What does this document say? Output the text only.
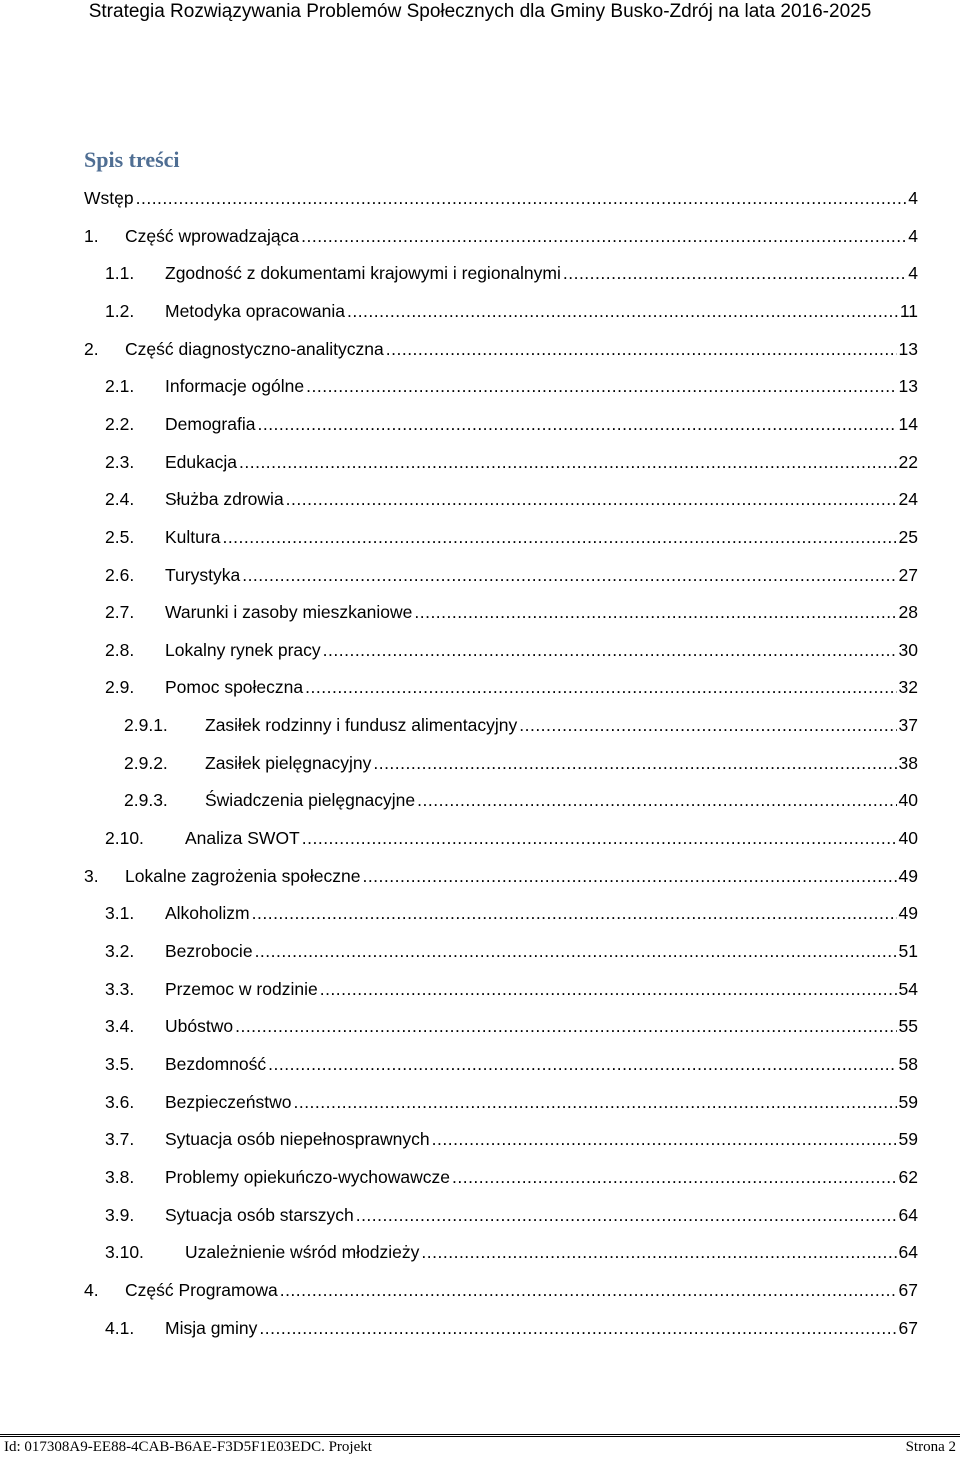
Strategia Rozwiązywania Problemów Społecznych dla Gminy Busko-Zdrój na lata 2016-2025
Spis treści
Wstęp .....	4
1.	Część wprowadzająca .....	4
1.1.	Zgodność z dokumentami krajowymi i regionalnymi .....	4
1.2.	Metodyka opracowania .....	11
2.	Część diagnostyczno-analityczna .....	13
2.1.	Informacje ogólne .....	13
2.2.	Demografia .....	14
2.3.	Edukacja .....	22
2.4.	Służba zdrowia .....	24
2.5.	Kultura .....	25
2.6.	Turystyka .....	27
2.7.	Warunki i zasoby mieszkaniowe .....	28
2.8.	Lokalny rynek pracy .....	30
2.9.	Pomoc społeczna .....	32
2.9.1.	Zasiłek rodzinny i fundusz alimentacyjny .....	37
2.9.2.	Zasiłek pielęgnacyjny .....	38
2.9.3.	Świadczenia pielęgnacyjne .....	40
2.10.	Analiza SWOT .....	40
3.	Lokalne zagrożenia społeczne .....	49
3.1.	Alkoholizm .....	49
3.2.	Bezrobocie .....	51
3.3.	Przemoc w rodzinie .....	54
3.4.	Ubóstwo .....	55
3.5.	Bezdomność .....	58
3.6.	Bezpieczeństwo .....	59
3.7.	Sytuacja osób niepełnosprawnych .....	59
3.8.	Problemy opiekuńczo-wychowawcze .....	62
3.9.	Sytuacja osób starszych .....	64
3.10.	Uzależnienie wśród młodzieży .....	64
4.	Część Programowa .....	67
4.1.	Misja gminy .....	67
Id: 017308A9-EE88-4CAB-B6AE-F3D5F1E03EDC. Projekt	Strona 2
